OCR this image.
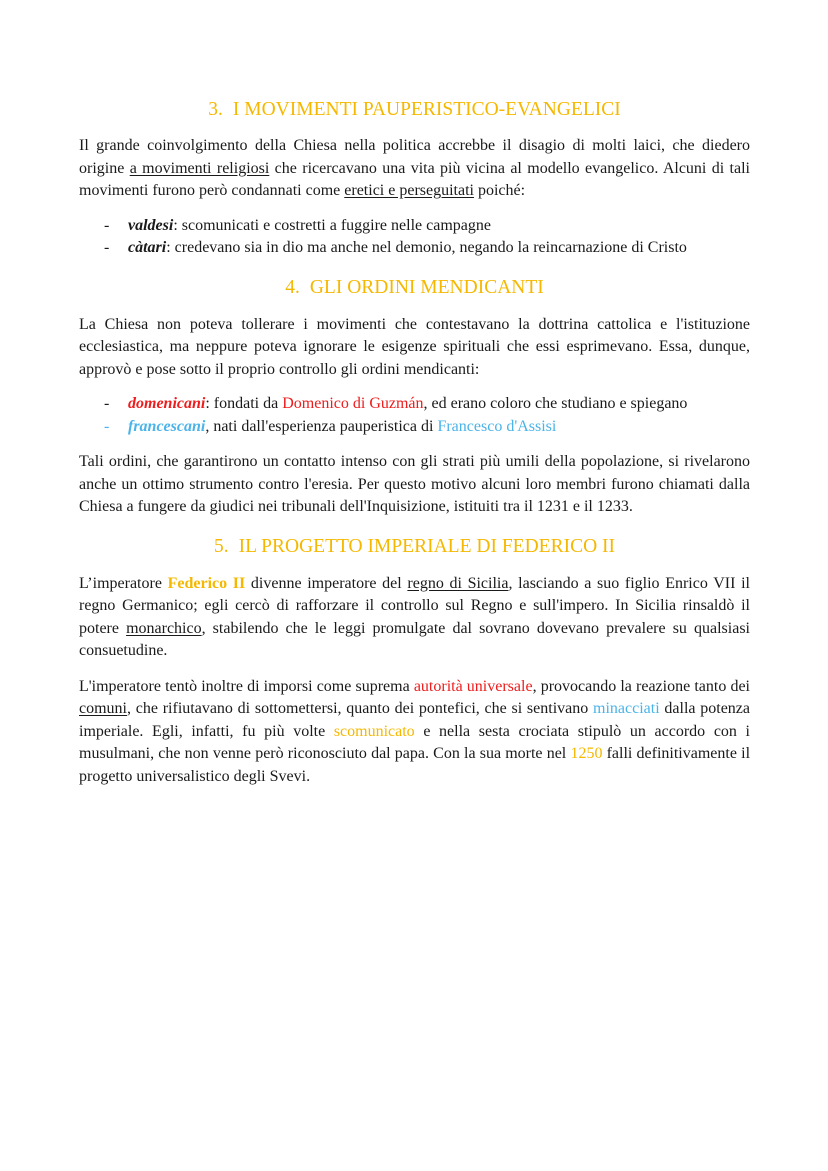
3. I MOVIMENTI PAUPERISTICO-EVANGELICI

Il grande coinvolgimento della Chiesa nella politica accrebbe il disagio di molti laici, che diedero origine a movimenti religiosi che ricercavano una vita più vicina al modello evangelico. Alcuni di tali movimenti furono però condannati come eretici e perseguitati poiché:

- valdesi: scomunicati e costretti a fuggire nelle campagne
- càtari: credevano sia in dio ma anche nel demonio, negando la reincarnazione di Cristo
4. GLI ORDINI MENDICANTI

La Chiesa non poteva tollerare i movimenti che contestavano la dottrina cattolica e l'istituzione ecclesiastica, ma neppure poteva ignorare le esigenze spirituali che essi esprimevano. Essa, dunque, approvò e pose sotto il proprio controllo gli ordini mendicanti:

- domenicani: fondati da Domenico di Guzmán, ed erano coloro che studiano e spiegano
- francescani, nati dall'esperienza pauperistica di Francesco d'Assisi

Tali ordini, che garantirono un contatto intenso con gli strati più umili della popolazione, si rivelarono anche un ottimo strumento contro l'eresia. Per questo motivo alcuni loro membri furono chiamati dalla Chiesa a fungere da giudici nei tribunali dell'Inquisizione, istituiti tra il 1231 e il 1233.

5. IL PROGETTO IMPERIALE DI FEDERICO II

L’imperatore Federico II divenne imperatore del regno di Sicilia, lasciando a suo figlio Enrico VII il regno Germanico; egli cercò di rafforzare il controllo sul Regno e sull'impero. In Sicilia rinsaldò il potere monarchico, stabilendo che le leggi promulgate dal sovrano dovevano prevalere su qualsiasi consuetudine.

L'imperatore tentò inoltre di imporsi come suprema autorità universale, provocando la reazione tanto dei comuni, che rifiutavano di sottomettersi, quanto dei pontefici, che si sentivano minacciati dalla potenza imperiale. Egli, infatti, fu più volte scomunicato e nella sesta crociata stipulò un accordo con i musulmani, che non venne però riconosciuto dal papa. Con la sua morte nel 1250 falli definitivamente il progetto universalistico degli Svevi.
